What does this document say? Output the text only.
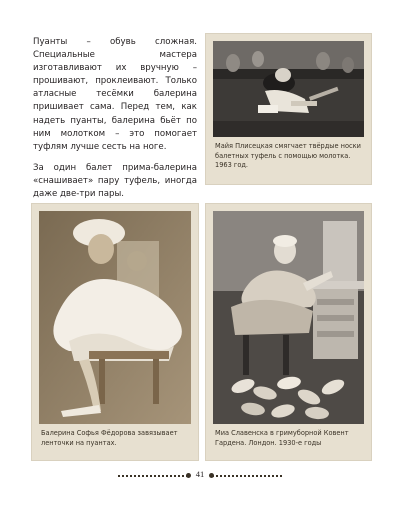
Пуанты – обувь сложная. Специальные мастера изготавливают их вручную – прошивают, проклеивают. Только атласные тесёмки балерина пришивает сама. Перед тем, как надеть пуанты, балерина бьёт по ним молотком – это помогает туфлям лучше сесть на ноге.

За один балет прима-балерина «снашивает» пару туфель, иногда даже две-три пары.

Майя Плисецкая смягчает твёрдые носки балетных туфель с помощью молотка. 1963 год.
Балерина Софья Фёдорова завязывает ленточки на пуантах.
Миа Славенска в гримуборной Ковент Гардена. Лондон. 1930-е годы
41
